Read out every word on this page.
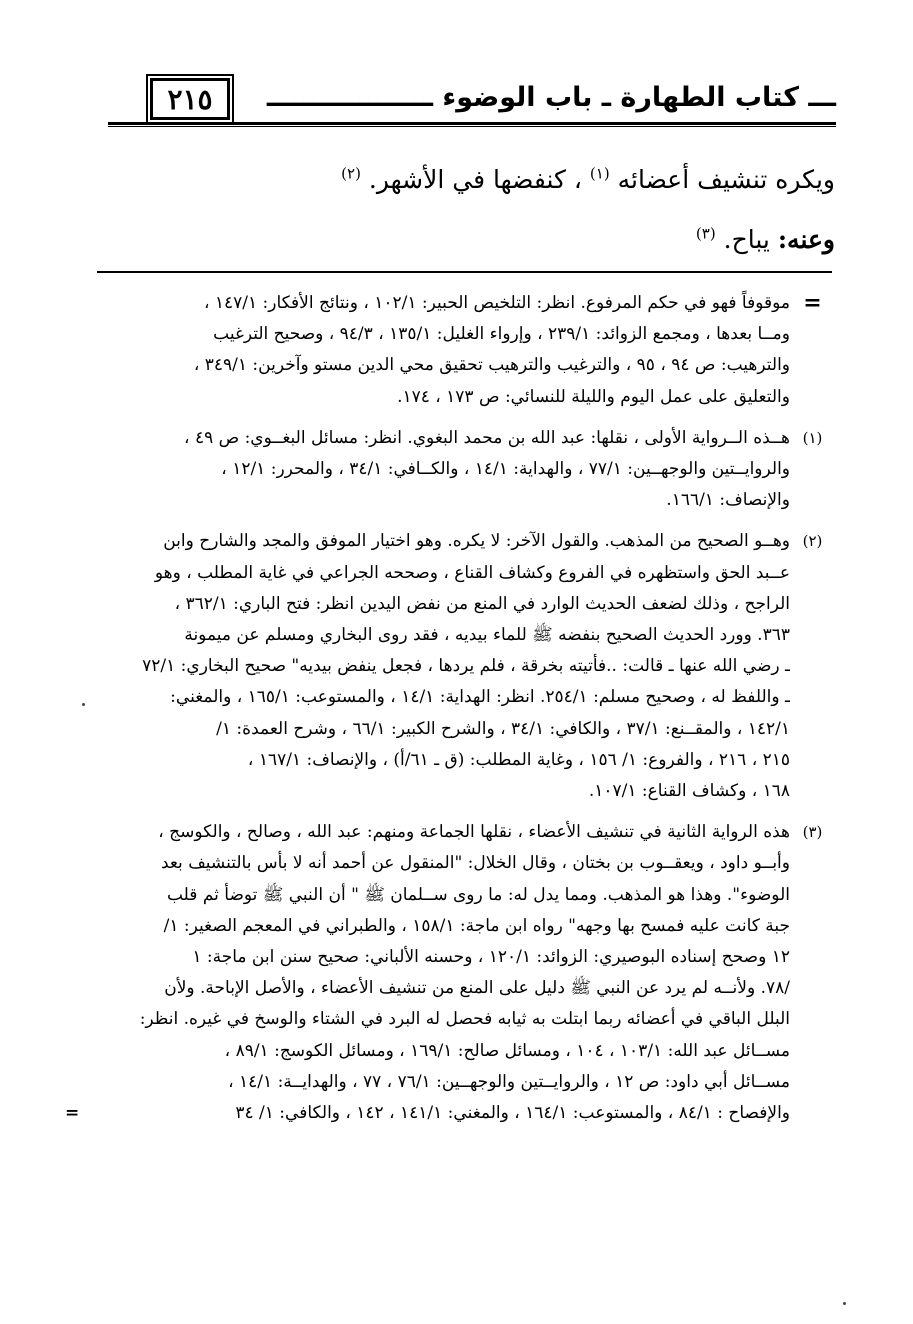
٢١٥	ـــ كتاب الطهارة ـ باب الوضوء ــــــــــــــــــ
ويكره تنشيف أعضائه $^{(١)}$ ، كنفضها في الأشهر. $^{(٢)}$
وعنه: يباح. $^{(٣)}$
=
موقوفاً فهو في حكم المرفوع. انظر: التلخيص الحبير: ١٠٢/١ ، ونتائج الأفكار: ١٤٧/١ ،
ومــا بعدها ، ومجمع الزوائد: ٢٣٩/١ ، وإرواء الغليل: ١٣٥/١ ، ٩٤/٣ ، وصحيح الترغيب
والترهيب: ص ٩٤ ، ٩٥ ، والترغيب والترهيب تحقيق محي الدين مستو وآخرين: ٣٤٩/١ ،
والتعليق على عمل اليوم والليلة للنسائي: ص ١٧٣ ، ١٧٤.
(١)
هــذه الــرواية الأولى ، نقلها: عبد الله بن محمد البغوي. انظر: مسائل البغــوي: ص ٤٩ ،
والروايــتين والوجهــين: ٧٧/١ ، والهداية: ١٤/١ ، والكــافي: ٣٤/١ ، والمحرر: ١٢/١ ،
والإنصاف: ١٦٦/١.
(٢)
وهــو الصحيح من المذهب. والقول الآخر: لا يكره. وهو اختيار الموفق والمجد والشارح وابن
عــبد الحق واستظهره في الفروع وكشاف القناع ، وصححه الجراعي في غاية المطلب ، وهو
الراجح ، وذلك لضعف الحديث الوارد في المنع من نفض اليدين انظر: فتح الباري: ٣٦٢/١ ،
٣٦٣. وورد الحديث الصحيح بنفضه ﷺ للماء بيديه ، فقد روى البخاري ومسلم عن ميمونة
ـ رضي الله عنها ـ قالت: ..فأتيته بخرقة ، فلم يردها ، فجعل ينفض بيديه" صحيح البخاري: ٧٢/١
ـ واللفظ له ، وصحيح مسلم: ٢٥٤/١. انظر: الهداية: ١٤/١ ، والمستوعب: ١٦٥/١ ، والمغني:
١٤٢/١ ، والمقــنع: ٣٧/١ ، والكافي: ٣٤/١ ، والشرح الكبير: ٦٦/١ ، وشرح العمدة: ١/
٢١٥ ، ٢١٦ ، والفروع: ١/ ١٥٦ ، وغاية المطلب: (ق ـ ٦١/أ) ، والإنصاف: ١٦٧/١ ،
١٦٨ ، وكشاف القناع: ١٠٧/١.
(٣)
هذه الرواية الثانية في تنشيف الأعضاء ، نقلها الجماعة ومنهم: عبد الله ، وصالح ، والكوسج ،
وأبــو داود ، ويعقــوب بن بختان ، وقال الخلال: "المنقول عن أحمد أنه لا بأس بالتنشيف بعد
الوضوء". وهذا هو المذهب. ومما يدل له: ما روى ســلمان ﷺ " أن النبي ﷺ توضأ ثم قلب
جبة كانت عليه فمسح بها وجهه" رواه ابن ماجة: ١٥٨/١ ، والطبراني في المعجم الصغير: ١/
١٢ وصحح إسناده البوصيري: الزوائد: ١٢٠/١ ، وحسنه الألباني: صحيح سنن ابن ماجة: ١
/٧٨. ولأنــه لم يرد عن النبي ﷺ دليل على المنع من تنشيف الأعضاء ، والأصل الإباحة. ولأن
البلل الباقي في أعضائه ربما ابتلت به ثيابه فحصل له البرد في الشتاء والوسخ في غيره. انظر:
مســائل عبد الله: ١٠٣/١ ، ١٠٤ ، ومسائل صالح: ١٦٩/١ ، ومسائل الكوسج: ٨٩/١ ،
مســائل أبي داود: ص ١٢ ، والروايــتين والوجهــين: ٧٦/١ ، ٧٧ ، والهدايــة: ١٤/١ ،
والإفصاح : ٨٤/١ ، والمستوعب: ١٦٤/١ ، والمغني: ١٤١/١ ، ١٤٢ ، والكافي: ١/ ٣٤
=
